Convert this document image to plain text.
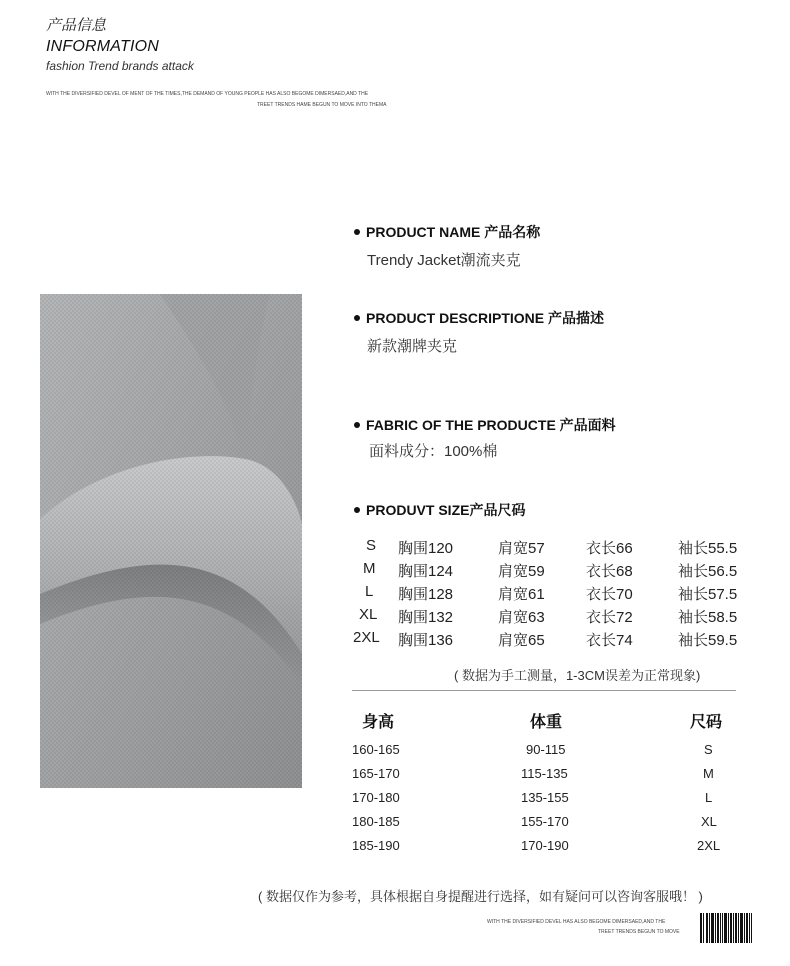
产品信息
INFORMATION
fashion Trend brands attack
WITH THE DIVERSIFIED DEVEL OF MENT OF THE TIMES,THE DEMAND OF YOUNG PEOPLE HAS ALSO BEGOME DIMERSAED,AND THE
TREET TRENDS HAME BEGUN TO MOVE INTO THEMA
PRODUCT NAME 产品名称
Trendy Jacket潮流夹克
PRODUCT DESCRIPTIONE 产品描述
新款潮牌夹克
FABRIC OF THE PRODUCTE 产品面料
面料成分：100%棉
PRODUVT SIZE产品尺码
S 胸围120	肩宽57	衣长66	袖长55.5
M 胸围124	肩宽59	衣长68	袖长56.5
L 胸围128	肩宽61	衣长70	袖长57.5
XL 胸围132	肩宽63	衣长72	袖长58.5
2XL 胸围136	肩宽65	衣长74	袖长59.5
( 数据为手工测量，1-3CM误差为正常现象)
身高	体重	尺码
160-165	90-115	S
165-170	115-135	M
170-180	135-155	L
180-185	155-170	XL
185-190	170-190	2XL
( 数据仅作为参考，具体根据自身提醒进行选择，如有疑问可以咨询客服哦！ )
WITH THE DIVERSIFIED DEVEL HAS ALSO BEGOME DIMERSAED,AND THE
TREET TRENDS BEGUN TO MOVE
